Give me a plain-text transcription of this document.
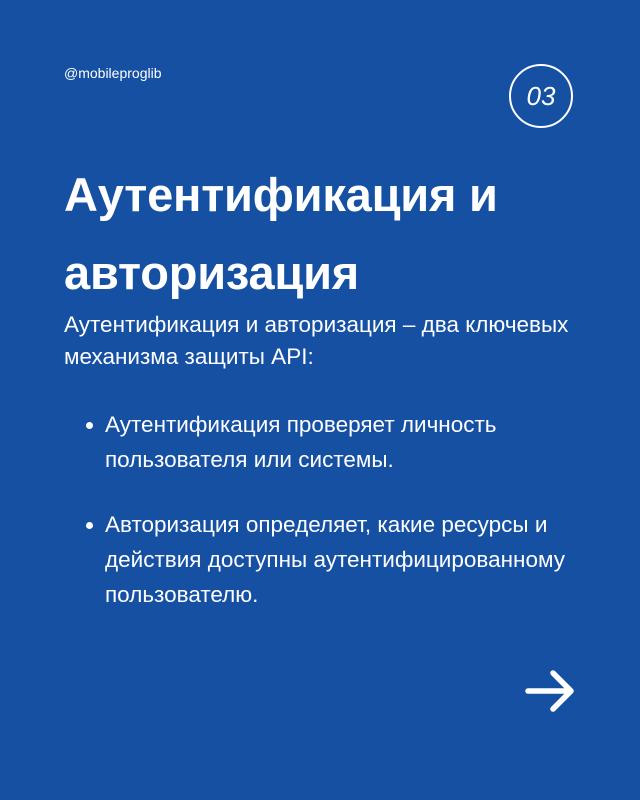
@mobileproglib
03
Аутентификация и авторизация

Аутентификация и авторизация – два ключевых механизма защиты API:

Аутентификация проверяет личность пользователя или системы.
Авторизация определяет, какие ресурсы и действия доступны аутентифицированному пользователю.
